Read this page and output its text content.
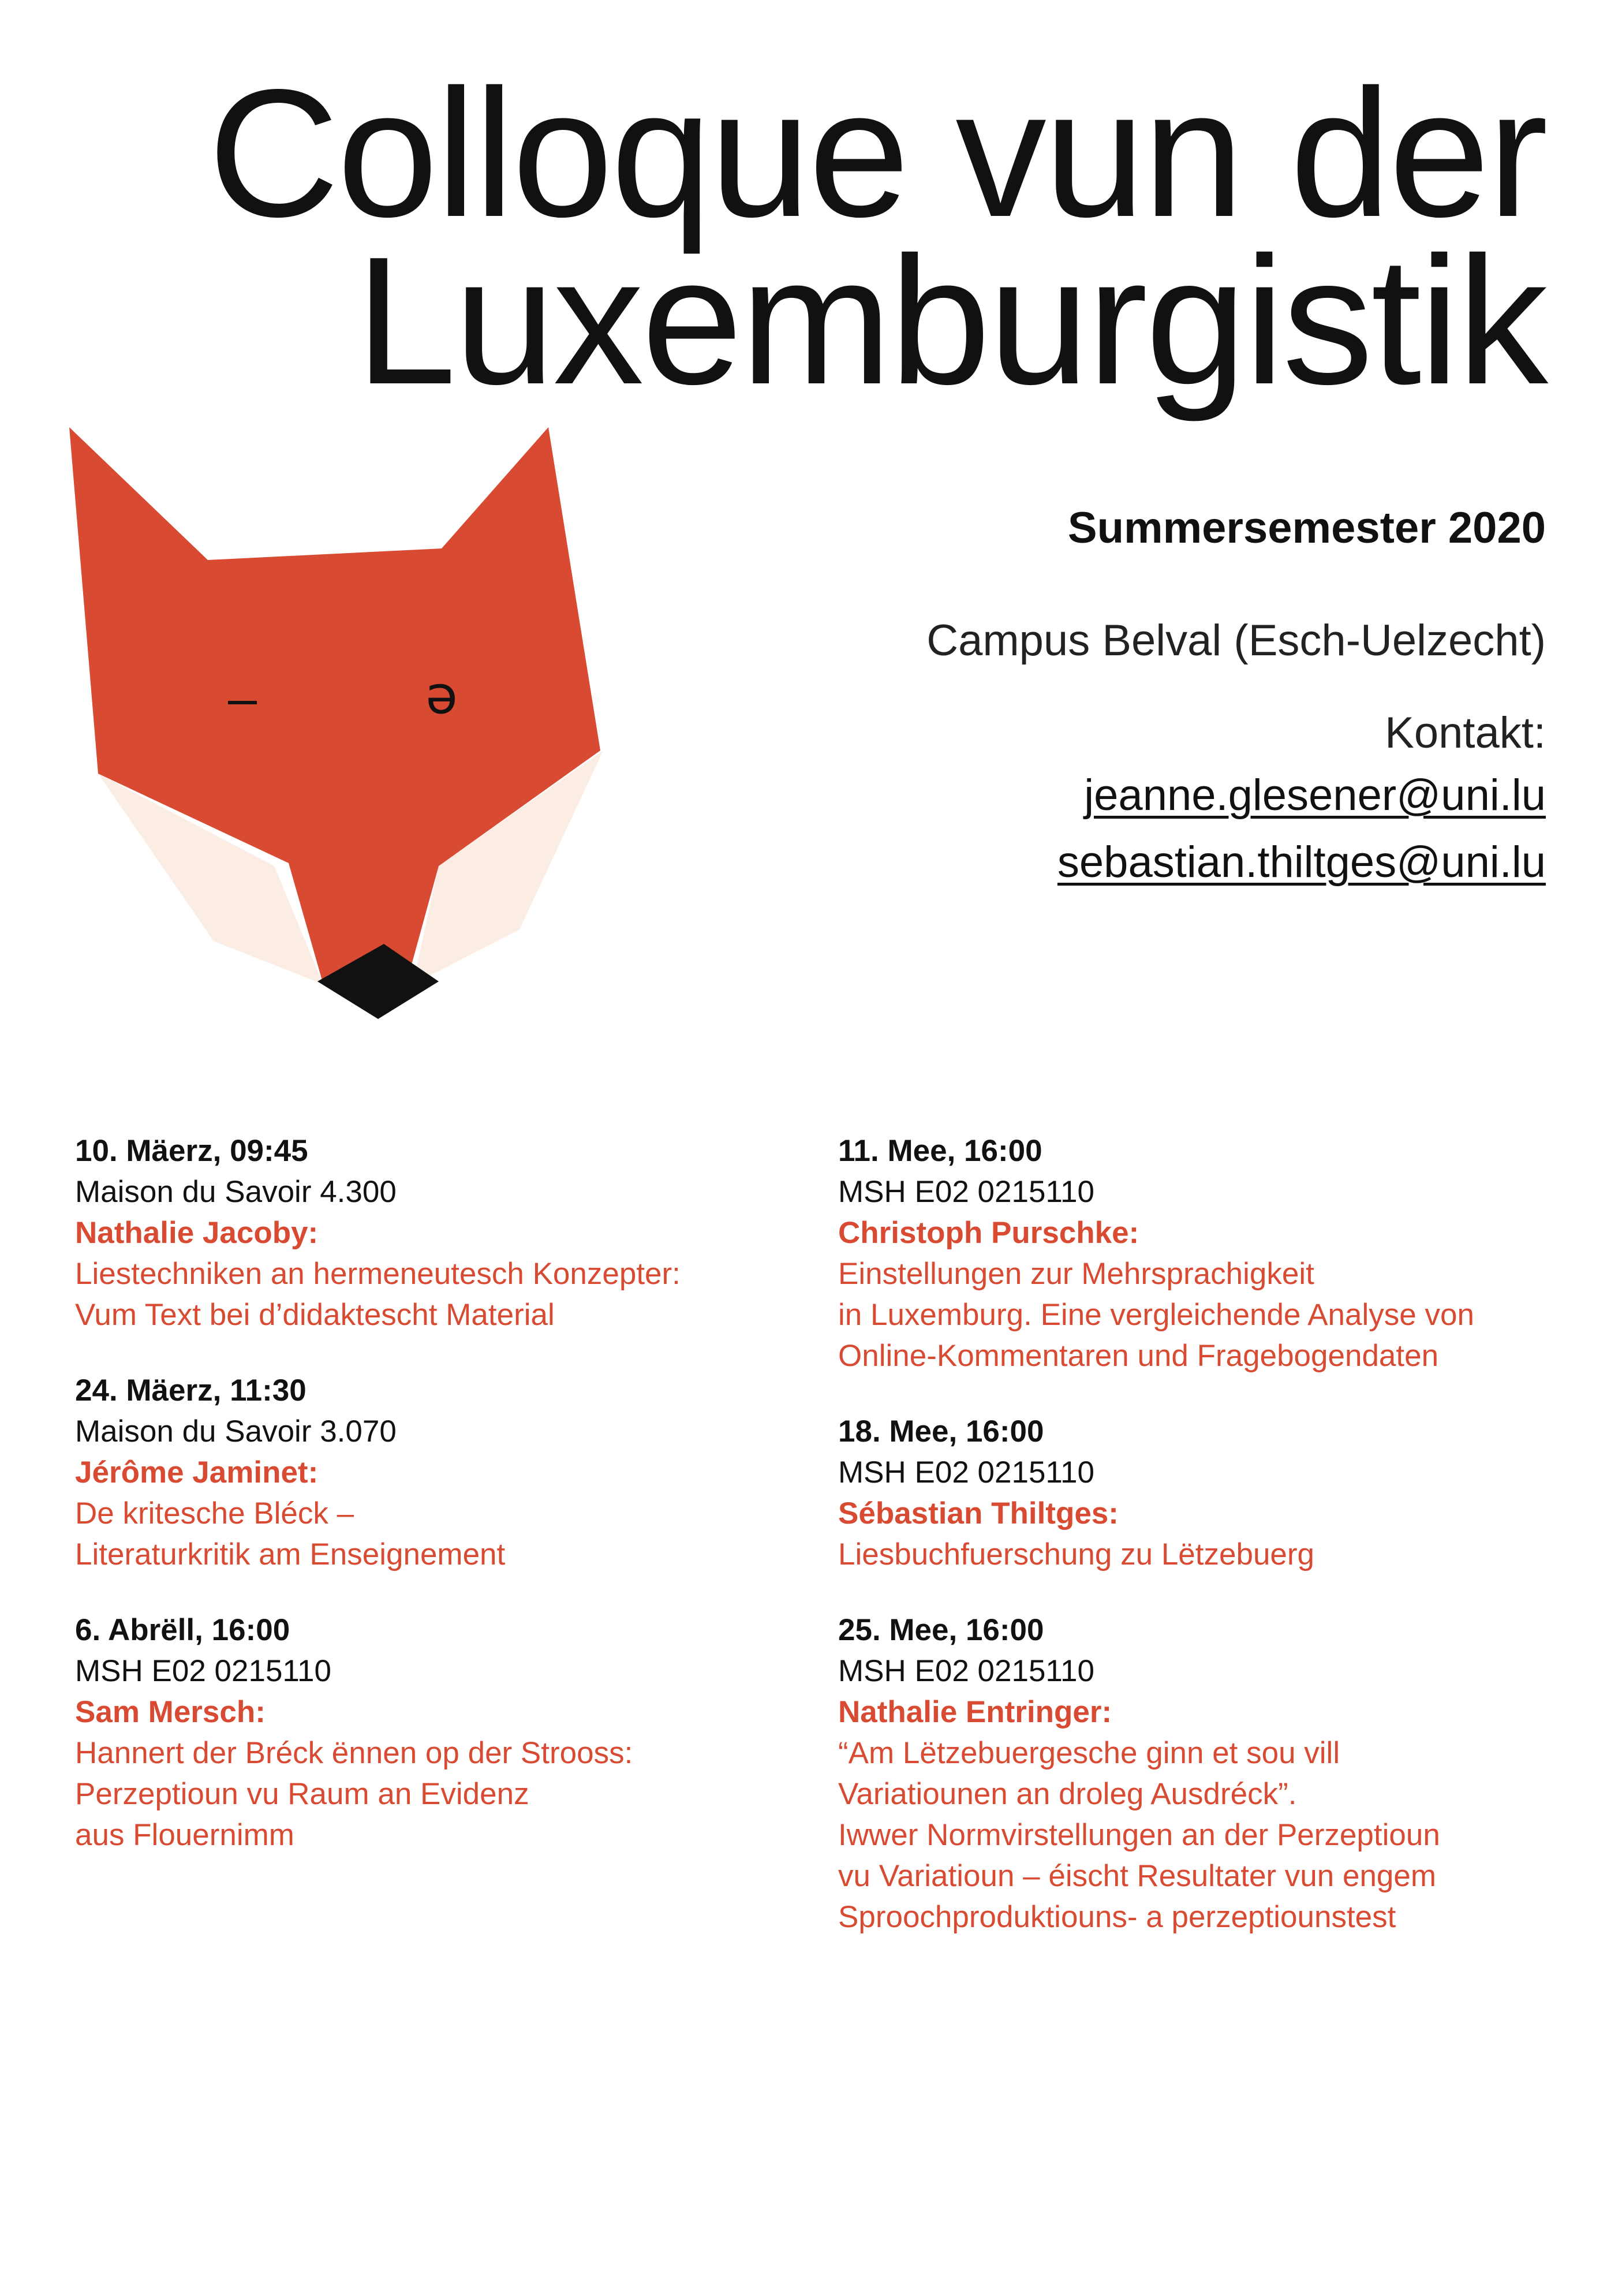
Colloque vun der
Luxemburgistik
–	ə
Summersemester 2020
Campus Belval (Esch-Uelzecht)
Kontakt:
jeanne.glesener@uni.lu
sebastian.thiltges@uni.lu
10. Mäerz, 09:45
Maison du Savoir 4.300
Nathalie Jacoby:
Liestechniken an hermeneutesch Konzepter:
Vum Text bei d’didaktescht Material
24. Mäerz, 11:30
Maison du Savoir 3.070
Jérôme Jaminet:
De kritesche Bléck –
Literaturkritik am Enseignement
6. Abrëll, 16:00
MSH E02 0215110
Sam Mersch:
Hannert der Bréck ënnen op der Strooss:
Perzeptioun vu Raum an Evidenz
aus Flouernimm
11. Mee, 16:00
MSH E02 0215110
Christoph Purschke:
Einstellungen zur Mehrsprachigkeit
in Luxemburg. Eine vergleichende Analyse von
Online-Kommentaren und Fragebogendaten
18. Mee, 16:00
MSH E02 0215110
Sébastian Thiltges:
Liesbuchfuerschung zu Lëtzebuerg
25. Mee, 16:00
MSH E02 0215110
Nathalie Entringer:
“Am Lëtzebuergesche ginn et sou vill
Variatiounen an droleg Ausdréck”.
Iwwer Normvirstellungen an der Perzeptioun
vu Variatioun – éischt Resultater vun engem
Sproochproduktiouns- a perzeptiounstest
